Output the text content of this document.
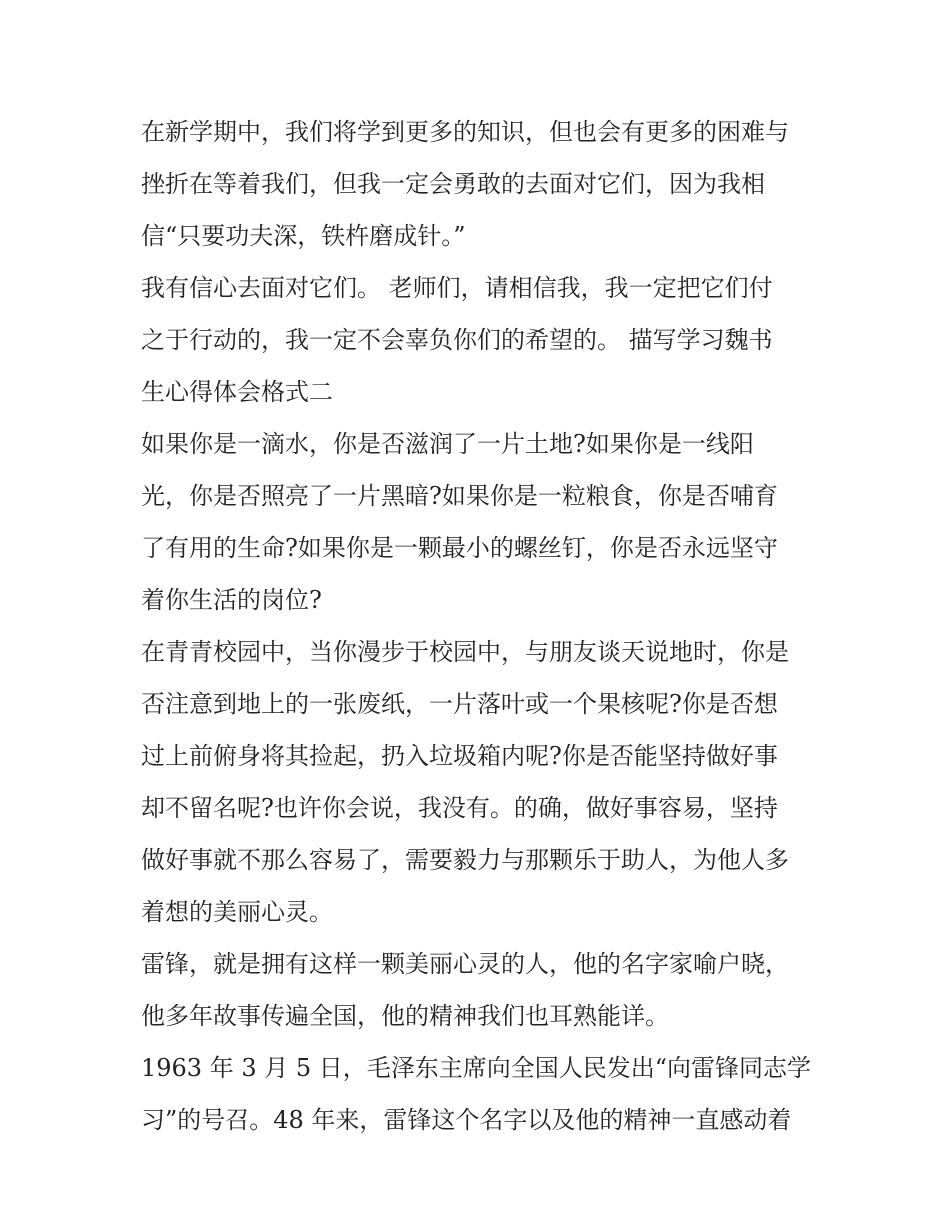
在新学期中，我们将学到更多的知识，但也会有更多的困难与
挫折在等着我们，但我一定会勇敢的去面对它们，因为我相
信“只要功夫深，铁杵磨成针。”
我有信心去面对它们。 老师们，请相信我，我一定把它们付
之于行动的，我一定不会辜负你们的希望的。 描写学习魏书
生心得体会格式二
如果你是一滴水，你是否滋润了一片土地?如果你是一线阳
光，你是否照亮了一片黑暗?如果你是一粒粮食，你是否哺育
了有用的生命?如果你是一颗最小的螺丝钉，你是否永远坚守
着你生活的岗位?
在青青校园中，当你漫步于校园中，与朋友谈天说地时，你是
否注意到地上的一张废纸，一片落叶或一个果核呢?你是否想
过上前俯身将其捡起，扔入垃圾箱内呢?你是否能坚持做好事
却不留名呢?也许你会说，我没有。的确，做好事容易，坚持
做好事就不那么容易了，需要毅力与那颗乐于助人，为他人多
着想的美丽心灵。
雷锋，就是拥有这样一颗美丽心灵的人，他的名字家喻户晓，
他多年故事传遍全国，他的精神我们也耳熟能详。
1963 年 3 月 5 日，毛泽东主席向全国人民发出“向雷锋同志学
习”的号召。48 年来，雷锋这个名字以及他的精神一直感动着
